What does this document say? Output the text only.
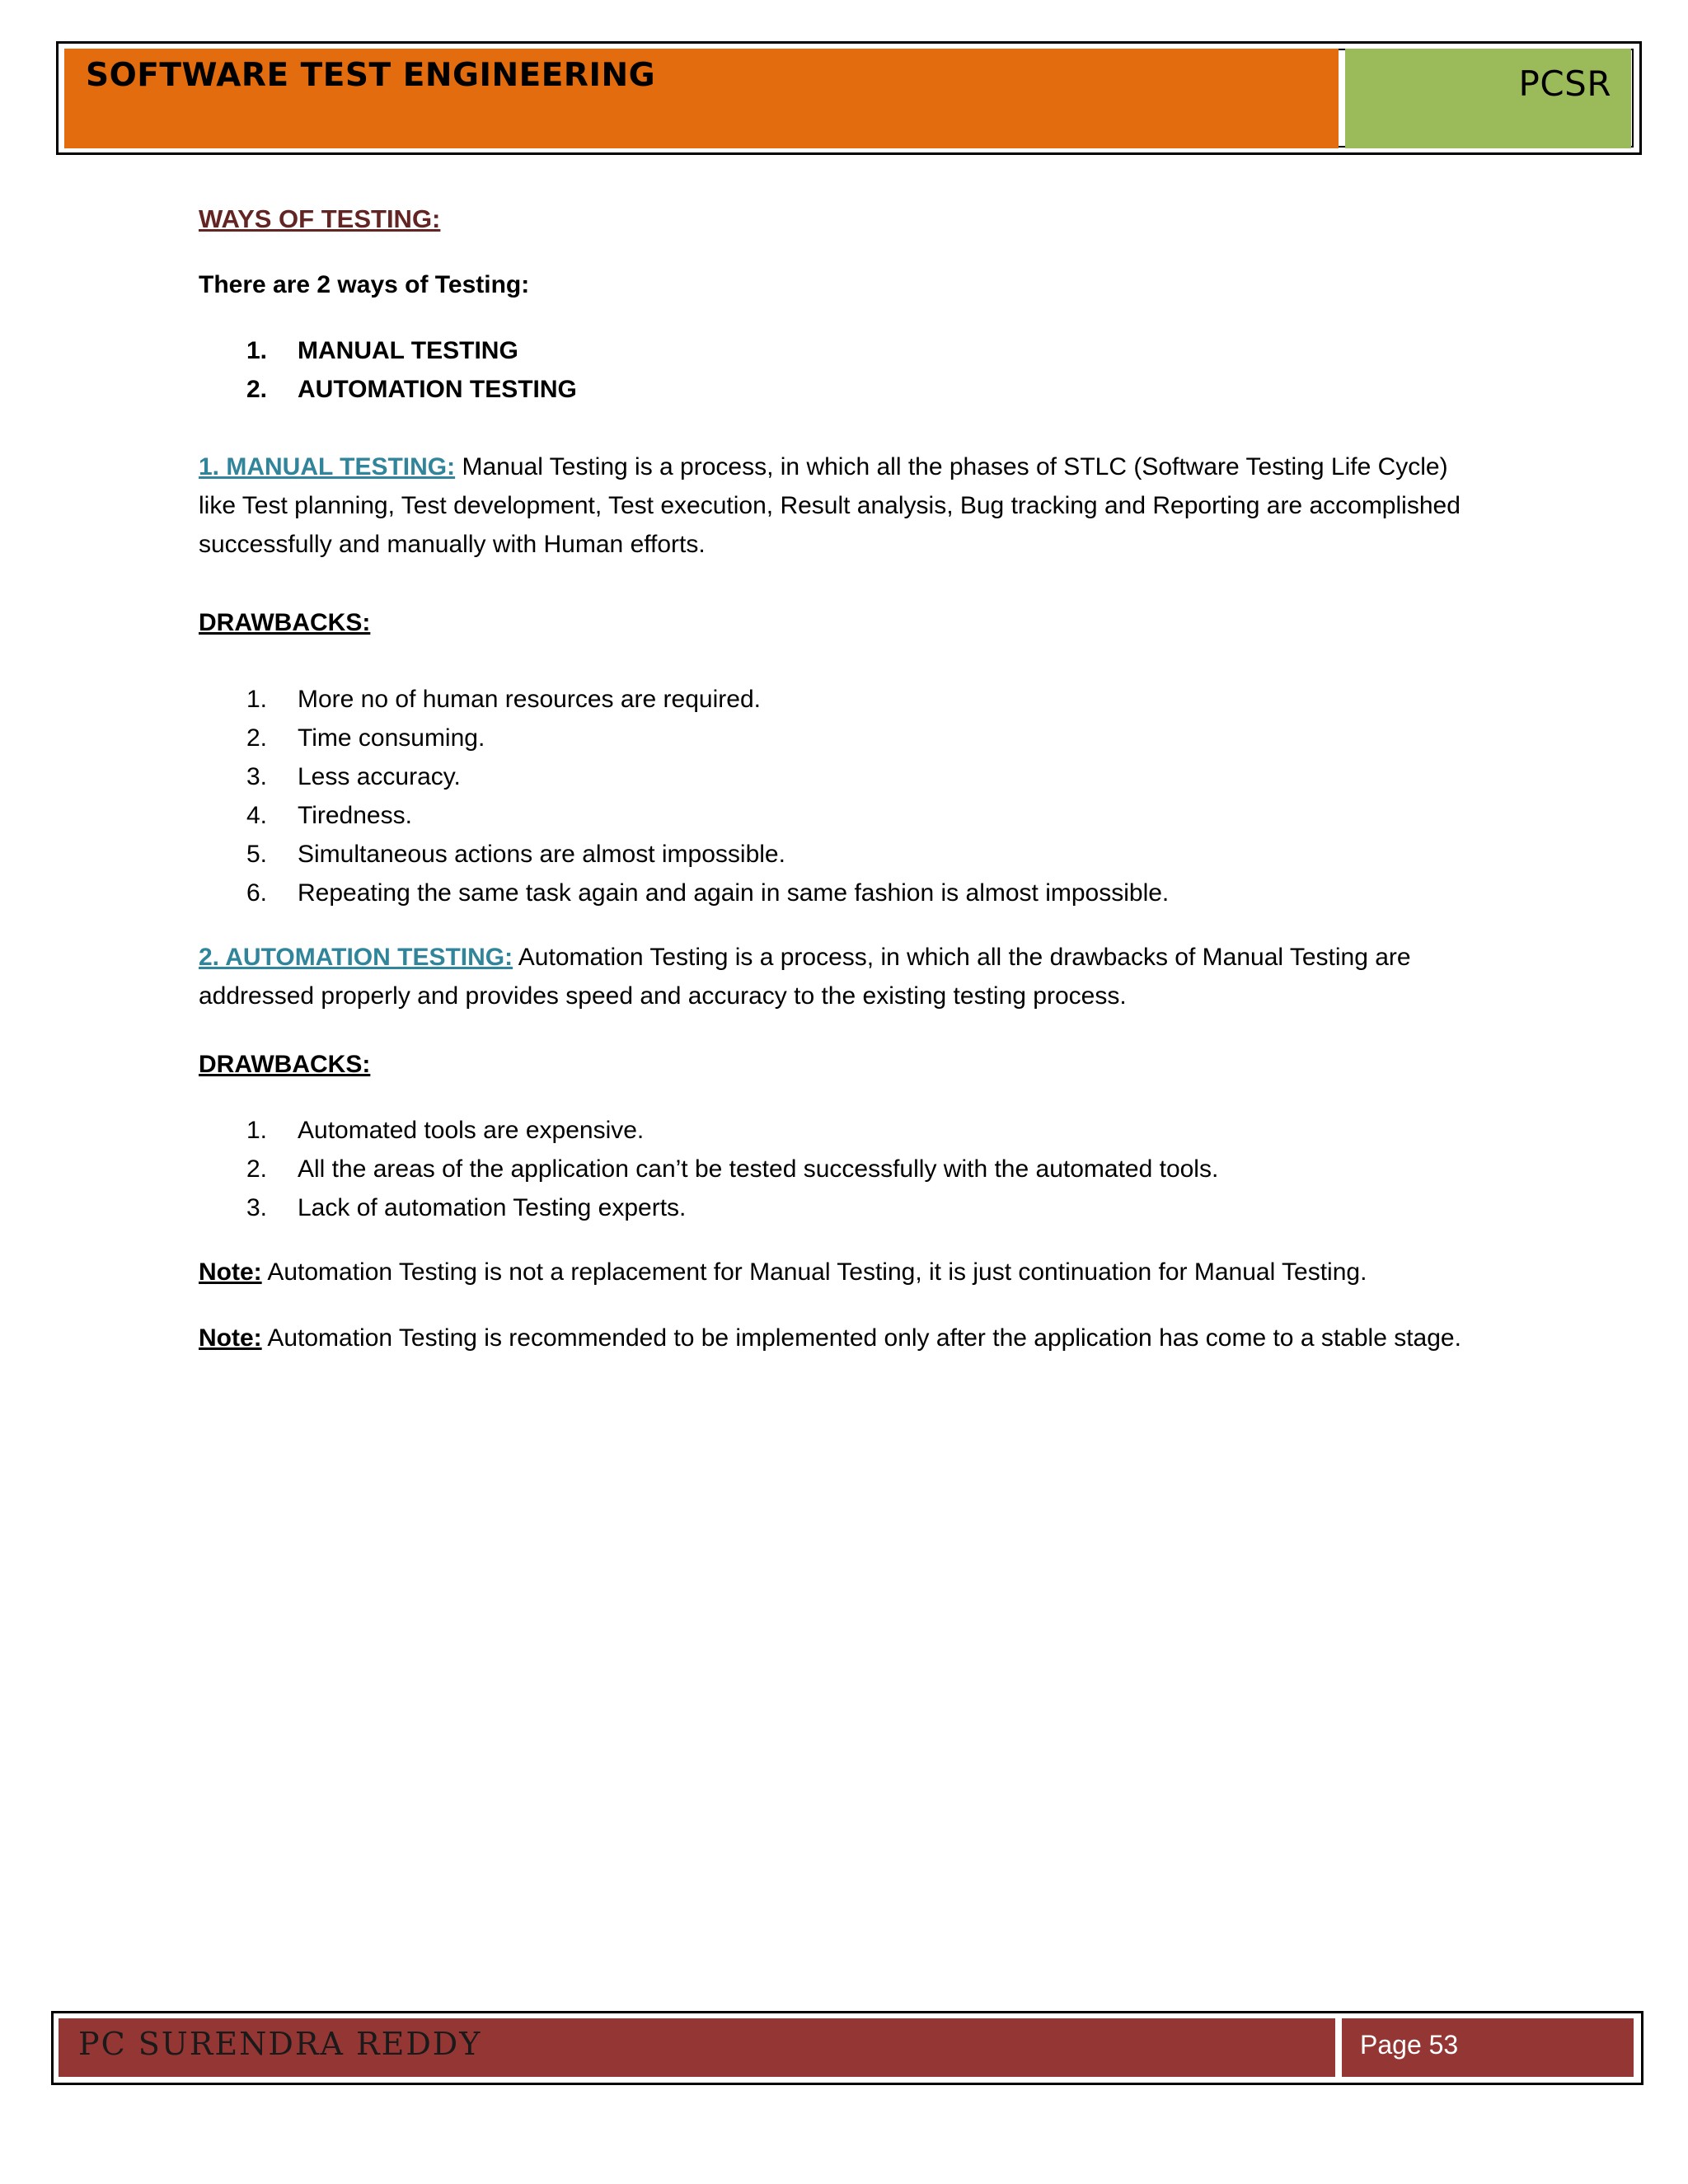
SOFTWARE TEST ENGINEERING	PCSR
WAYS OF TESTING:
There are 2 ways of Testing:
1. MANUAL TESTING
2. AUTOMATION TESTING
1. MANUAL TESTING: Manual Testing is a process, in which all the phases of STLC (Software Testing Life Cycle) like Test planning, Test development, Test execution, Result analysis, Bug tracking and Reporting are accomplished successfully and manually with Human efforts.
DRAWBACKS:
1. More no of human resources are required.
2. Time consuming.
3. Less accuracy.
4. Tiredness.
5. Simultaneous actions are almost impossible.
6. Repeating the same task again and again in same fashion is almost impossible.
2. AUTOMATION TESTING: Automation Testing is a process, in which all the drawbacks of Manual Testing are addressed properly and provides speed and accuracy to the existing testing process.
DRAWBACKS:
1. Automated tools are expensive.
2. All the areas of the application can’t be tested successfully with the automated tools.
3. Lack of automation Testing experts.
Note: Automation Testing is not a replacement for Manual Testing, it is just continuation for Manual Testing.
Note: Automation Testing is recommended to be implemented only after the application has come to a stable stage.
PC SURENDRA REDDY	Page 53
